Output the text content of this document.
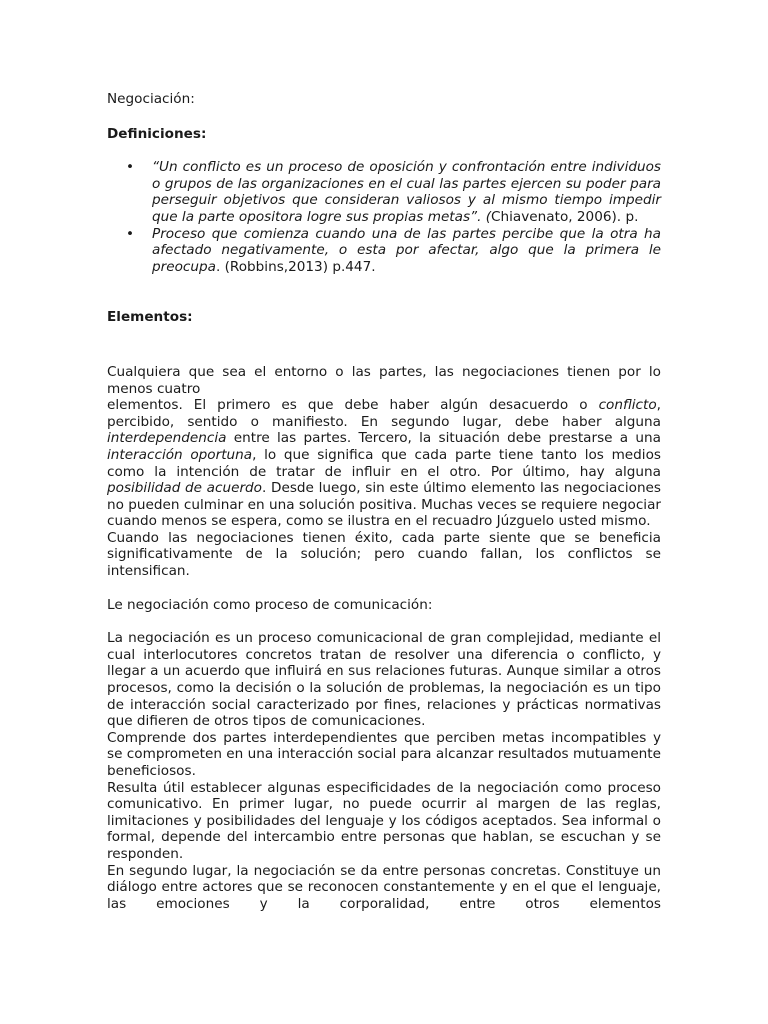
Negociación:
Definiciones:
• “Un conflicto es un proceso de oposición y confrontación entre individuos o grupos de las organizaciones en el cual las partes ejercen su poder para perseguir objetivos que consideran valiosos y al mismo tiempo impedir que la parte opositora logre sus propias metas”. (Chiavenato, 2006). p.
• Proceso que comienza cuando una de las partes percibe que la otra ha afectado negativamente, o esta por afectar, algo que la primera le preocupa. (Robbins,2013) p.447.
Elementos:

Cualquiera que sea el entorno o las partes, las negociaciones tienen por lo menos cuatro

elementos. El primero es que debe haber algún desacuerdo o conflicto, percibido, sentido o manifiesto. En segundo lugar, debe haber alguna interdependencia entre las partes. Tercero, la situación debe prestarse a una interacción oportuna, lo que significa que cada parte tiene tanto los medios como la intención de tratar de influir en el otro. Por último, hay alguna posibilidad de acuerdo. Desde luego, sin este último elemento las negociaciones no pueden culminar en una solución positiva. Muchas veces se requiere negociar cuando menos se espera, como se ilustra en el recuadro Júzguelo usted mismo.

Cuando las negociaciones tienen éxito, cada parte siente que se beneficia significativamente de la solución; pero cuando fallan, los conflictos se intensifican.

Le negociación como proceso de comunicación:

La negociación es un proceso comunicacional de gran complejidad, mediante el cual interlocutores concretos tratan de resolver una diferencia o conflicto, y llegar a un acuerdo que influirá en sus relaciones futuras. Aunque similar a otros procesos, como la decisión o la solución de problemas, la negociación es un tipo de interacción social caracterizado por fines, relaciones y prácticas normativas que difieren de otros tipos de comunicaciones.

Comprende dos partes interdependientes que perciben metas incompatibles y se comprometen en una interacción social para alcanzar resultados mutuamente beneficiosos.

Resulta útil establecer algunas especificidades de la negociación como proceso comunicativo. En primer lugar, no puede ocurrir al margen de las reglas, limitaciones y posibilidades del lenguaje y los códigos aceptados. Sea informal o formal, depende del intercambio entre personas que hablan, se escuchan y se responden.

En segundo lugar, la negociación se da entre personas concretas. Constituye un diálogo entre actores que se reconocen constantemente y en el que el lenguaje, las emociones y la corporalidad, entre otros elementos
